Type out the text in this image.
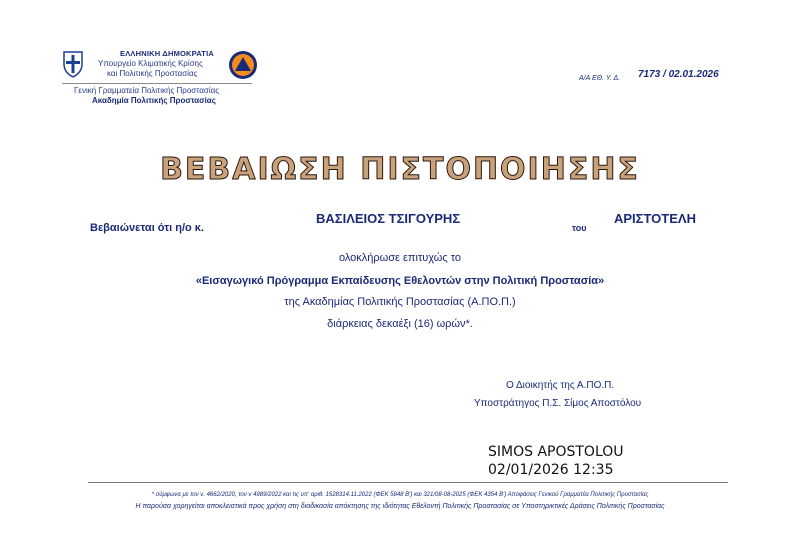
ΕΛΛΗΝΙΚΗ ΔΗΜΟΚΡΑΤΙΑ
Υπουργείο Κλιματικής Κρίσης
και Πολιτικής Προστασίας
Γενική Γραμματεία Πολιτικής Προστασίας
Ακαδημία Πολιτικής Προστασίας
Α/Α ΕΘ. Υ. Δ. 7173 / 02.01.2026
ΒΕΒΑΙΩΣΗ ΠΙΣΤΟΠΟΙΗΣΗΣ
Βεβαιώνεται ότι η/ο κ.
ΒΑΣΙΛΕΙΟΣ ΤΣΙΓΟΥΡΗΣ
του
ΑΡΙΣΤΟΤΕΛΗ
ολοκλήρωσε επιτυχώς το
«Εισαγωγικό Πρόγραμμα Εκπαίδευσης Εθελοντών στην Πολιτική Προστασία»
της Ακαδημίας Πολιτικής Προστασίας (Α.ΠΟ.Π.)
διάρκειας δεκαέξι (16) ωρών*.
Ο Διοικητής της Α.ΠΟ.Π.
Υποστράτηγος Π.Σ. Σίμος Αποστόλου
SIMOS APOSTOLOU
02/01/2026 12:35
* σύμφωνα με τον ν. 4662/2020, τον ν 4989/2022 και τις υπ' αριθ. 1528314.11.2022 (ΦΕΚ 5848 Β') και 321/08-08-2025 (ΦΕΚ 4354 Β') Αποφάσεις Γενικού Γραμματέα Πολιτικής Προστασίας
Η παρούσα χορηγείται αποκλειστικά προς χρήση στη διαδικασία απόκτησης της ιδιότητας Εθελοντή Πολιτικής Προστασίας σε Υποστηρικτικές Δράσεις Πολιτικής Προστασίας
